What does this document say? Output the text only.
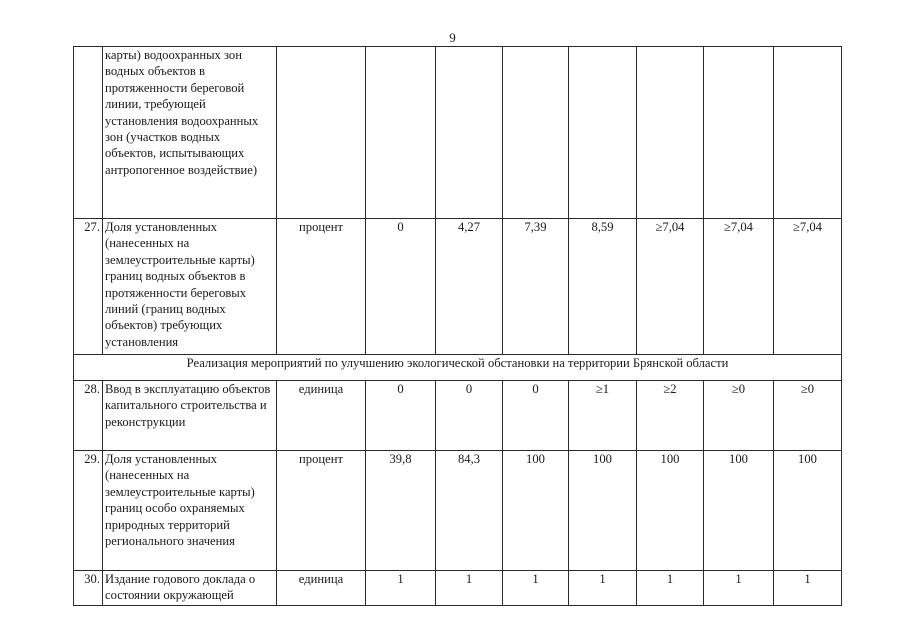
9
	карты) водоохранных зон водных объектов в протяженности береговой линии, требующей установления водоохранных зон (участков водных объектов, испытывающих антропогенное воздействие)								
27.	Доля установленных (нанесенных на землеустроительные карты) границ водных объектов в протяженности береговых линий (границ водных объектов) требующих установления	процент	0	4,27	7,39	8,59	≥7,04	≥7,04	≥7,04
Реализация мероприятий по улучшению экологической обстановки на территории Брянской области									
28.	Ввод в эксплуатацию объектов капитального строительства и реконструкции	единица	0	0	0	≥1	≥2	≥0	≥0
29.	Доля установленных (нанесенных на землеустроительные карты) границ особо охраняемых природных территорий регионального значения	процент	39,8	84,3	100	100	100	100	100
30.	Издание годового доклада о состоянии окружающей	единица	1	1	1	1	1	1	1
